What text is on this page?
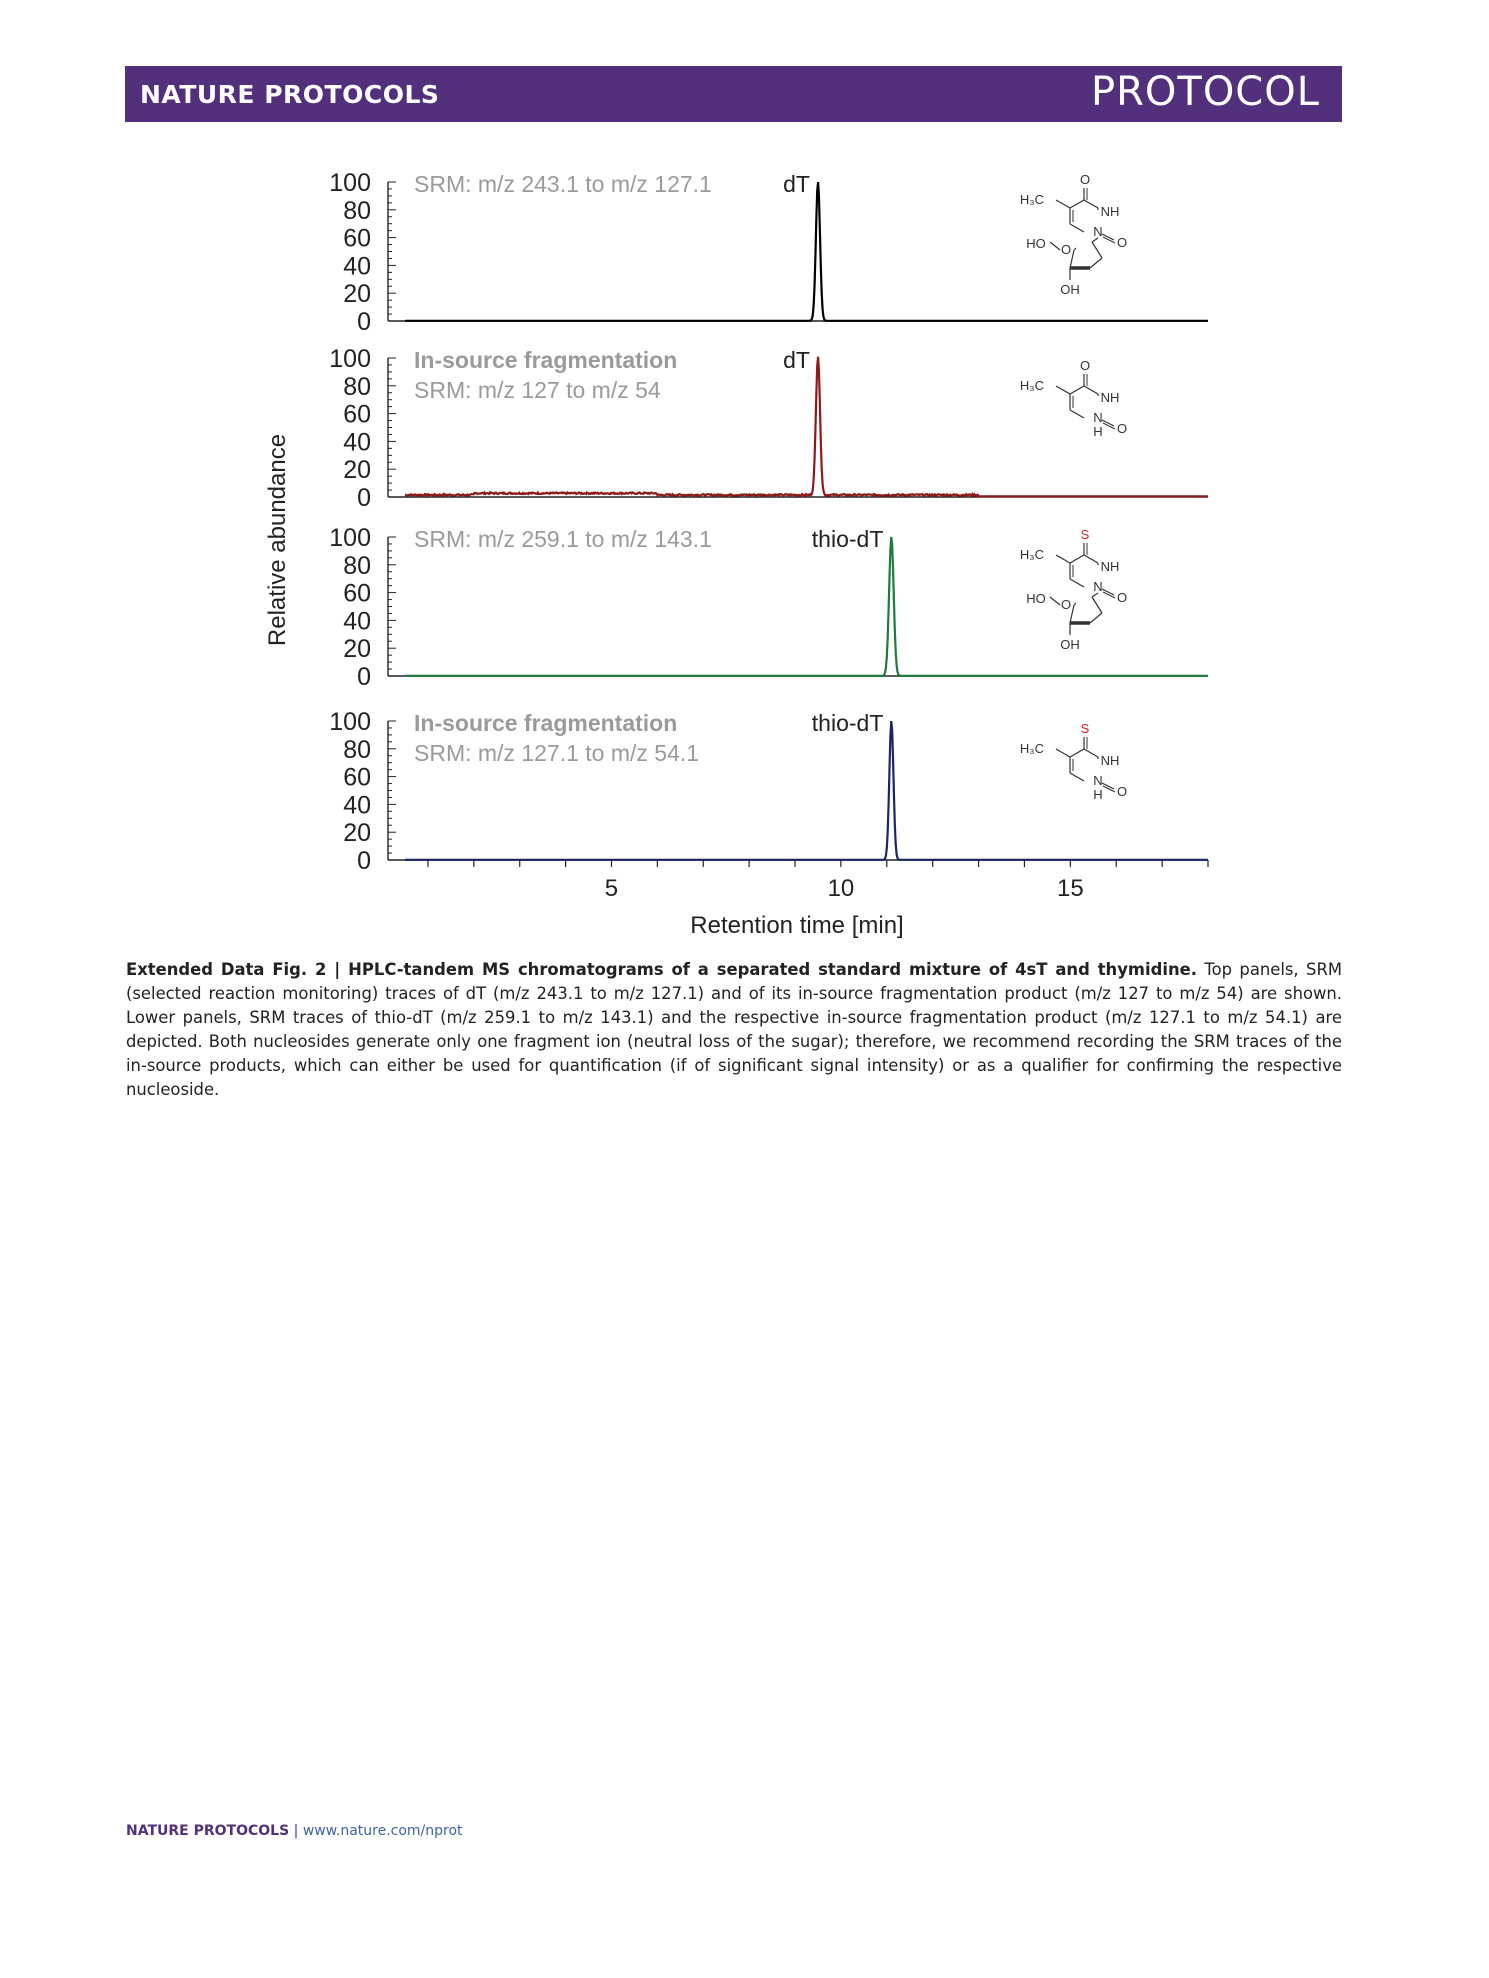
NATURE PROTOCOLS	PROTOCOL
Relative abundance
Retention time [min]
0
20
40
60
80
100 SRM: m/z 243.1 to m/z 127.1	dT	O
H₃C
NH
N
O
O
HO
OH
0
20
40
60
80
100 In-source fragmentation
SRM: m/z 127 to m/z 54
dT	O
H₃C
NH
N
O
H
0
20
40
60
80
100 SRM: m/z 259.1 to m/z 143.1	thio-dT	S
H₃C
NH
N
O
O
HO
OH
0
20
40
60
80
100 In-source fragmentation
SRM: m/z 127.1 to m/z 54.1
thio-dT	S
H₃C
NH
N
O
H
5	10	15
Extended Data Fig. 2 | HPLC-tandem MS chromatograms of a separated standard mixture of 4sT and thymidine. Top panels, SRM (selected reaction monitoring) traces of dT (m/z 243.1 to m/z 127.1) and of its in-source fragmentation product (m/z 127 to m/z 54) are shown. Lower panels, SRM traces of thio-dT (m/z 259.1 to m/z 143.1) and the respective in-source fragmentation product (m/z 127.1 to m/z 54.1) are depicted. Both nucleosides generate only one fragment ion (neutral loss of the sugar); therefore, we recommend recording the SRM traces of the in-source products, which can either be used for quantification (if of significant signal intensity) or as a qualifier for confirming the respective nucleoside.
NATURE PROTOCOLS | www.nature.com/nprot
